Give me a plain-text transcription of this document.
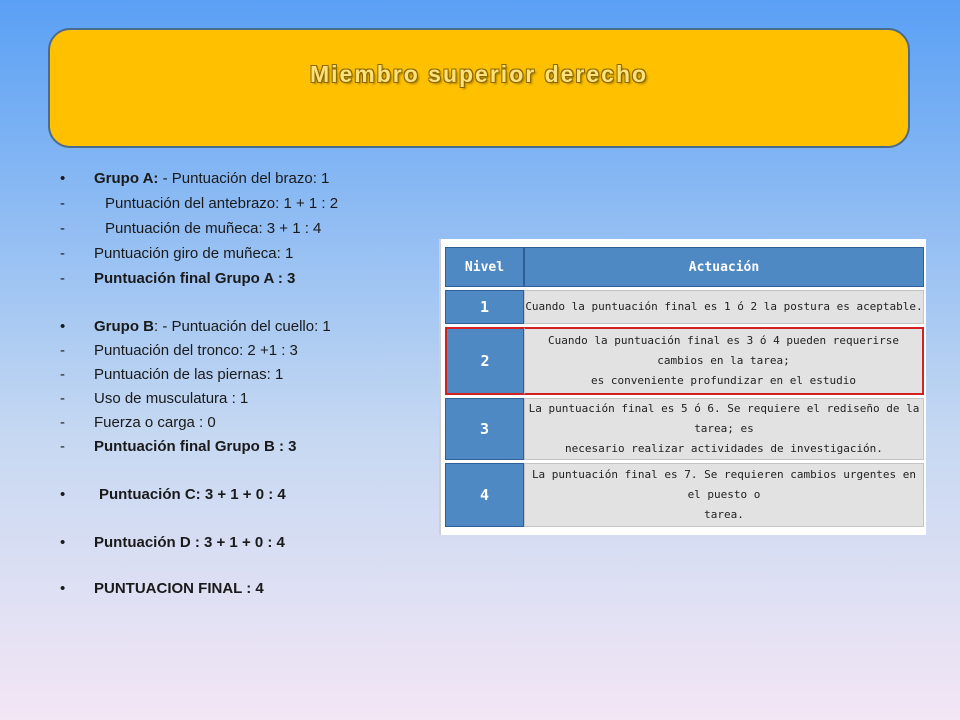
Miembro superior derecho
• Grupo A: - Puntuación del brazo: 1
-	Puntuación del antebrazo: 1 + 1 : 2
-	Puntuación de muñeca: 3 + 1 : 4
- Puntuación giro de muñeca: 1
- Puntuación final Grupo A : 3
• Grupo B: - Puntuación del cuello: 1
- Puntuación del tronco: 2 +1 : 3
- Puntuación de las piernas: 1
- Uso de musculatura : 1
- Fuerza o carga : 0
- Puntuación final Grupo B : 3
• Puntuación C: 3 + 1 + 0 : 4
• Puntuación D : 3 + 1 + 0 : 4
• PUNTUACION FINAL : 4
Nivel	Actuación
1	Cuando la puntuación final es 1 ó 2 la postura es aceptable.

2	Cuando la puntuación final es 3 ó 4 pueden requerirse cambios en la tarea;
es conveniente profundizar en el estudio

3	La puntuación final es 5 ó 6. Se requiere el rediseño de la tarea; es
necesario realizar actividades de investigación.

4	La puntuación final es 7. Se requieren cambios urgentes en el puesto o
tarea.
